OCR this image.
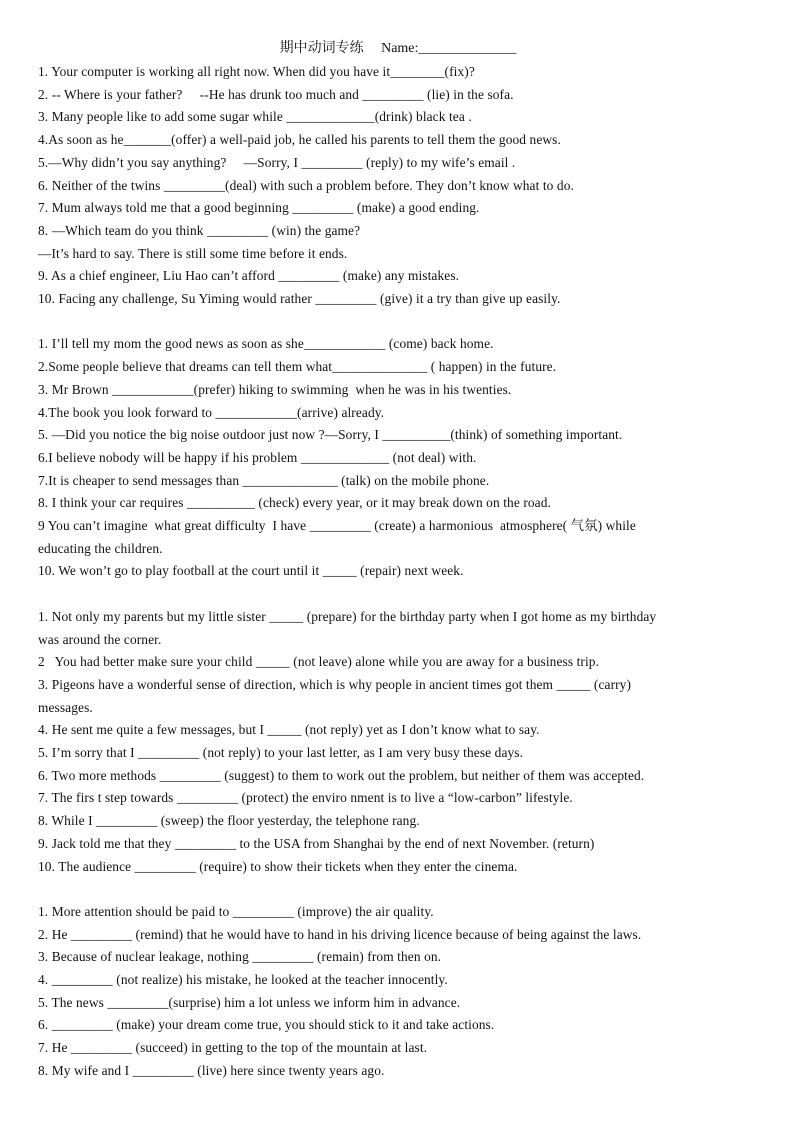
期中动词专练     Name:______________
1. Your computer is working all right now. When did you have it________(fix)?
2. -- Where is your father?     --He has drunk too much and _________ (lie) in the sofa.
3. Many people like to add some sugar while _____________(drink) black tea .
4.As soon as he_______(offer) a well-paid job, he called his parents to tell them the good news.
5.—Why didn’t you say anything?     —Sorry, I _________ (reply) to my wife’s email .
6. Neither of the twins _________(deal) with such a problem before. They don’t know what to do.
7. Mum always told me that a good beginning _________ (make) a good ending.
8. —Which team do you think _________ (win) the game?
—It’s hard to say. There is still some time before it ends.
9. As a chief engineer, Liu Hao can’t afford _________ (make) any mistakes.
10. Facing any challenge, Su Yiming would rather _________ (give) it a try than give up easily.
1. I’ll tell my mom the good news as soon as she____________ (come) back home.
2.Some people believe that dreams can tell them what______________ ( happen) in the future.
3. Mr Brown ____________(prefer) hiking to swimming  when he was in his twenties.
4.The book you look forward to ____________(arrive) already.
5. —Did you notice the big noise outdoor just now ?—Sorry, I __________(think) of something important.
6.I believe nobody will be happy if his problem _____________ (not deal) with.
7.It is cheaper to send messages than ______________ (talk) on the mobile phone.
8. I think your car requires __________ (check) every year, or it may break down on the road.
9 You can’t imagine  what great difficulty  I have _________ (create) a harmonious  atmosphere( 气氛) while
educating the children.
10. We won’t go to play football at the court until it _____ (repair) next week.
1. Not only my parents but my little sister _____ (prepare) for the birthday party when I got home as my birthday
was around the corner.
2   You had better make sure your child _____ (not leave) alone while you are away for a business trip.
3. Pigeons have a wonderful sense of direction, which is why people in ancient times got them _____ (carry)
messages.
4. He sent me quite a few messages, but I _____ (not reply) yet as I don’t know what to say.
5. I’m sorry that I _________ (not reply) to your last letter, as I am very busy these days.
6. Two more methods _________ (suggest) to them to work out the problem, but neither of them was accepted.
7. The firs t step towards _________ (protect) the enviro nment is to live a “low-carbon” lifestyle.
8. While I _________ (sweep) the floor yesterday, the telephone rang.
9. Jack told me that they _________ to the USA from Shanghai by the end of next November. (return)
10. The audience _________ (require) to show their tickets when they enter the cinema.
1. More attention should be paid to _________ (improve) the air quality.
2. He _________ (remind) that he would have to hand in his driving licence because of being against the laws.
3. Because of nuclear leakage, nothing _________ (remain) from then on.
4. _________ (not realize) his mistake, he looked at the teacher innocently.
5. The news _________(surprise) him a lot unless we inform him in advance.
6. _________ (make) your dream come true, you should stick to it and take actions.
7. He _________ (succeed) in getting to the top of the mountain at last.
8. My wife and I _________ (live) here since twenty years ago.
